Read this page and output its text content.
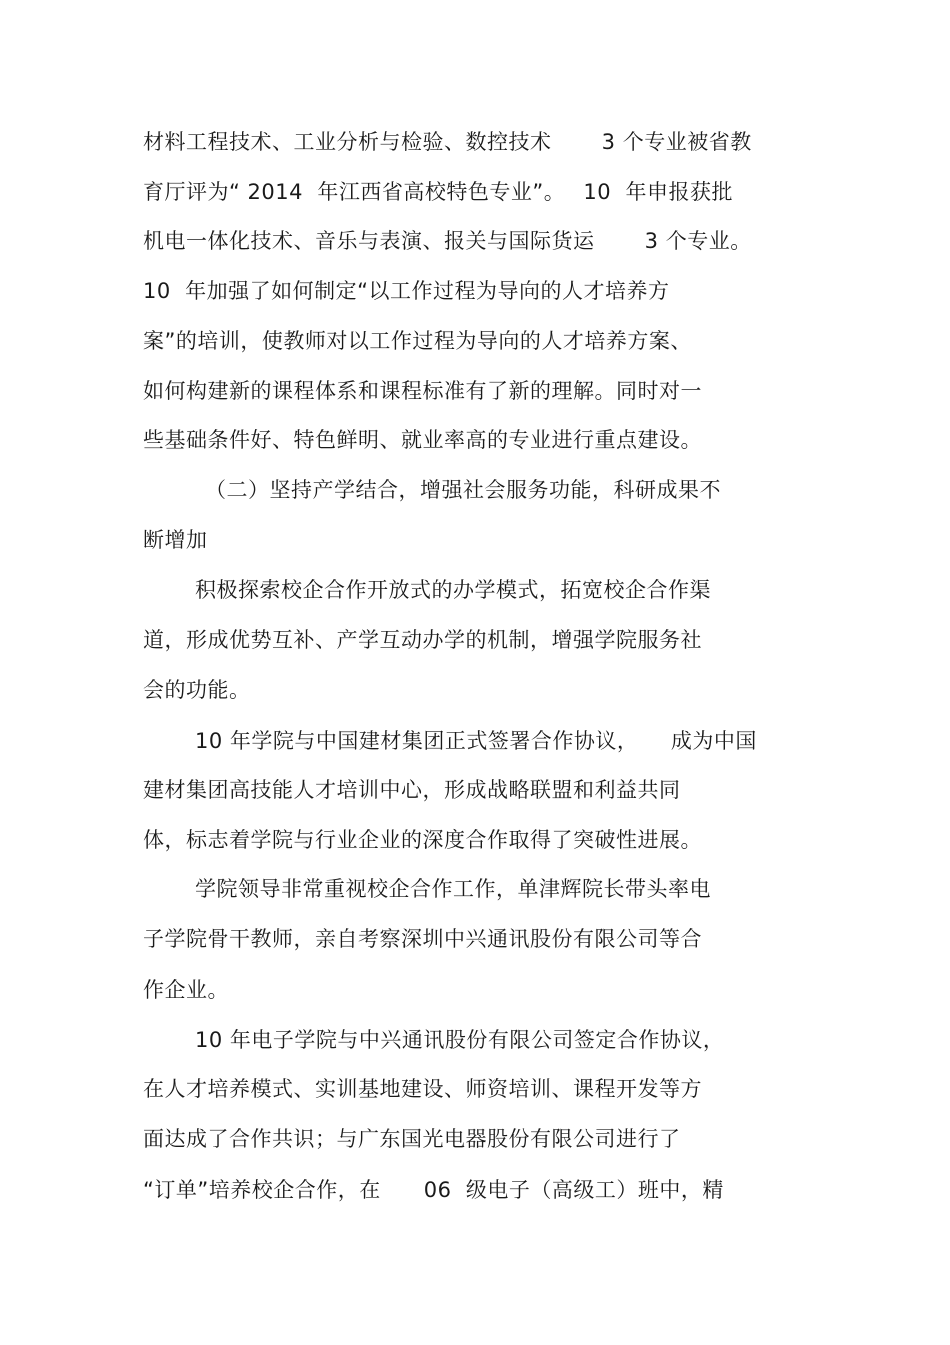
材料工程技术、工业分析与检验、数控技术　　 3 个专业被省教
育厅评为“ 2014  年江西省高校特色专业”。　 10  年申报获批
机电一体化技术、音乐与表演、报关与国际货运　　 3 个专业。
10  年加强了如何制定“以工作过程为导向的人才培养方
案”的培训，使教师对以工作过程为导向的人才培养方案、
如何构建新的课程体系和课程标准有了新的理解。同时对一
些基础条件好、特色鲜明、就业率高的专业进行重点建设。
（二）坚持产学结合，增强社会服务功能，科研成果不
断增加
积极探索校企合作开放式的办学模式，拓宽校企合作渠
道，形成优势互补、产学互动办学的机制，增强学院服务社
会的功能。
10 年学院与中国建材集团正式签署合作协议，　　成为中国
建材集团高技能人才培训中心，形成战略联盟和利益共同
体，标志着学院与行业企业的深度合作取得了突破性进展。
学院领导非常重视校企合作工作，单津辉院长带头率电
子学院骨干教师，亲自考察深圳中兴通讯股份有限公司等合
作企业。
10 年电子学院与中兴通讯股份有限公司签定合作协议，
在人才培养模式、实训基地建设、师资培训、课程开发等方
面达成了合作共识；与广东国光电器股份有限公司进行了
“订单”培养校企合作，在　　06  级电子（高级工）班中，精
